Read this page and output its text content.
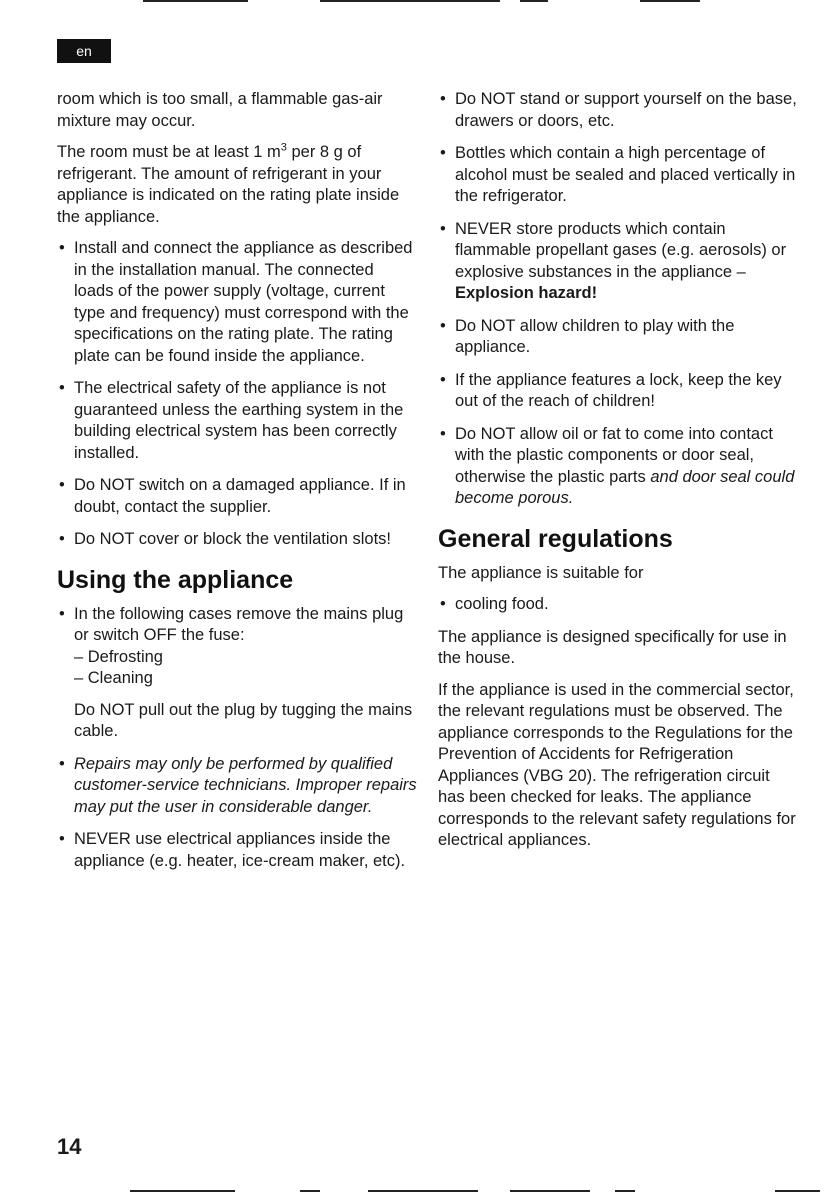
en

room which is too small, a flammable gas-air mixture may occur.

The room must be at least 1 $m^3$ per 8 g of refrigerant. The amount of refrigerant in your appliance is indicated on the rating plate inside the appliance.

• Install and connect the appliance as described in the installation manual. The connected loads of the power supply (voltage, current type and frequency) must correspond with the specifications on the rating plate. The rating plate can be found inside the appliance.
• The electrical safety of the appliance is not guaranteed unless the earthing system in the building electrical system has been correctly installed.
• Do NOT switch on a damaged appliance. If in doubt, contact the supplier.
• Do NOT cover or block the ventilation slots!
Using the appliance
• In the following cases remove the mains plug or switch OFF the fuse:
– Defrosting
– Cleaning
Do NOT pull out the plug by tugging the mains cable.
• Repairs may only be performed by qualified customer-service technicians. Improper repairs may put the user in considerable danger.
• NEVER use electrical appliances inside the appliance (e.g. heater, ice-cream maker, etc).
• Do NOT stand or support yourself on the base, drawers or doors, etc.
• Bottles which contain a high percentage of alcohol must be sealed and placed vertically in the refrigerator.
• NEVER store products which contain flammable propellant gases (e.g. aerosols) or explosive substances in the appliance – Explosion hazard!
• Do NOT allow children to play with the appliance.
• If the appliance features a lock, keep the key out of the reach of children!
• Do NOT allow oil or fat to come into contact with the plastic components or door seal, otherwise the plastic parts and door seal could become porous.
General regulations

The appliance is suitable for

• cooling food.

The appliance is designed specifically for use in the house.

If the appliance is used in the commercial sector, the relevant regulations must be observed. The appliance corresponds to the Regulations for the Prevention of Accidents for Refrigeration Appliances (VBG 20). The refrigeration circuit has been checked for leaks. The appliance corresponds to the relevant safety regulations for electrical appliances.

14
